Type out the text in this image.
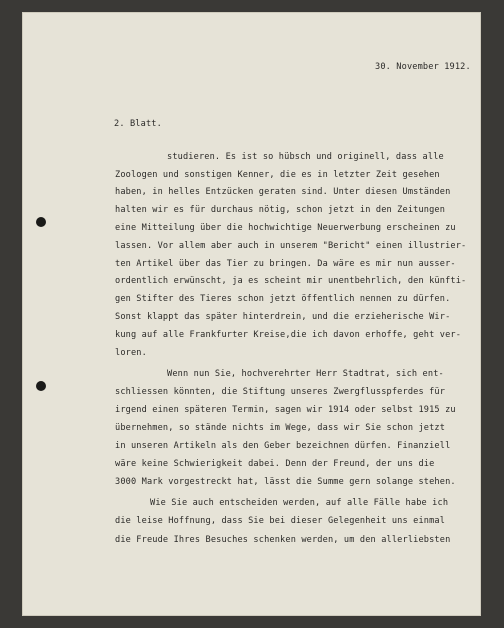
30. November 1912.
2. Blatt.
studieren. Es ist so hübsch und originell, dass alle
Zoologen und sonstigen Kenner, die es in letzter Zeit gesehen
haben, in helles Entzücken geraten sind. Unter diesen Umständen
halten wir es für durchaus nötig, schon jetzt in den Zeitungen
eine Mitteilung über die hochwichtige Neuerwerbung erscheinen zu
lassen. Vor allem aber auch in unserem "Bericht" einen illustrier-
ten Artikel über das Tier zu bringen. Da wäre es mir nun ausser-
ordentlich erwünscht, ja es scheint mir unentbehrlich, den künfti-
gen Stifter des Tieres schon jetzt öffentlich nennen zu dürfen.
Sonst klappt das später hinterdrein, und die erzieherische Wir-
kung auf alle Frankfurter Kreise,die ich davon erhoffe, geht ver-
loren.
Wenn nun Sie, hochverehrter Herr Stadtrat, sich ent-
schliessen könnten, die Stiftung unseres Zwergflusspferdes für
irgend einen späteren Termin, sagen wir 1914 oder selbst 1915 zu
übernehmen, so stände nichts im Wege, dass wir Sie schon jetzt
in unseren Artikeln als den Geber bezeichnen dürfen. Finanziell
wäre keine Schwierigkeit dabei. Denn der Freund, der uns die
3000 Mark vorgestreckt hat, lässt die Summe gern solange stehen.
Wie Sie auch entscheiden werden, auf alle Fälle habe ich
die leise Hoffnung, dass Sie bei dieser Gelegenheit uns einmal
die Freude Ihres Besuches schenken werden, um den allerliebsten
